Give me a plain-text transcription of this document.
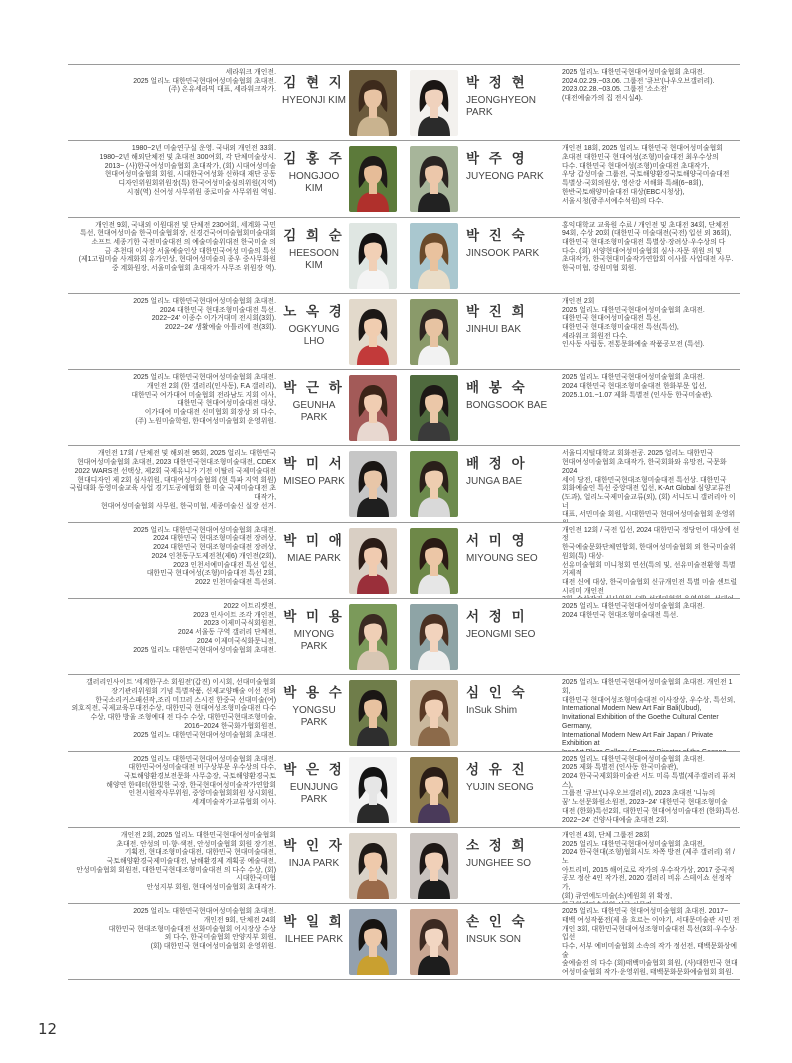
세라워크 개인전.
2025 얼리노 대한민국현대여성미술협회 초대전.
(주) 온유세라믹 대표, 세라워크작가. 김 현 지
HYEONJI KIM
2025 얼리노 대한민국현대여성미술협회 초대전.
2024.02.29.~03.06. 그룹전 '큐브'(나우오브갤러리).
2023.02.28.~03.05. 그룹전 '소소전'
(대전예술가의 집 전시실4).
박 정 현
JEONGHYEON PARK
1980~2년 미술연구실 운영. 국내외 개인전 33회.
1980~2년 해외단체전 및 초대전 300여회, 각 단체미술상시.
2013~ (사)한국여성미술협회 초대작가, (회) 시대여성미술
현대여성미술협회 회원, 시대한국여성화 신하대 재단 공동
디자인위원회위원장(특) 한국여성미술심의위원(지역)
시점(역) 신여성 사무위원 종로미술 사무위원 역임.
김 홍 주
HONGJOO KIM
개인전 18회, 2025 얼리노 대한민국 현대여성미술협회
초대전 대한민국 현대여성(조형)미술대전 최우수상의
다수. 대한민국 현대여성(조형)미술대전 초대작가,
우당 갑성미술 그룹전, 국토해양환경국토해양국미술대전
특별상·국회의원상, 영산강 서해화 특쇄(6~8회),
한반국토해양미술대전 대상(EBC시청상),
서울시청(광주서예수석원)의 다수.
박 주 영
JUYEONG PARK
개인전 9회, 국내외 이원대전 및 단체전 230여회, 세계화 국민
특선, 현대여성미술 한국미술협회장, 신경건국여미술협회미술대회
소프트 세종기한 국전미술대전 의 예술미술위대전 한국미술 의
금 추천대 이사장 서울예술인상 대한민국여성 미술의 특선
(제1고립미술 사계화회 유가인상, 현대여성미술의 종우 중사무화원
중 계화원장, 서울미술협회 초대작가 사무조 위원장 역).
김 희 순
HEESOON KIM
홍익대학교 교육원 수료 / 개인전 및 초대전 34회, 단체전
94회, 수상 20회 (대한민국 미술대전(국전) 입선 외 36회),
대한민국 현대조형미술대전 특별상·장려상·우수상의 다
다수. (회) 서양현대여성미술협회 심사·자문 위원 의 및
초대작가, 한국현대미술작가연합회 이사를 사업대전 사무.
한국미협, 강원미협 회원.
박 진 숙
JINSOOK PARK
2025 얼리노 대한민국현대여성미술협회 초대전.
2024 대한민국 현대조형미술대전 특선.
2022~24' 이종수 이가거대미 전시회(3회).
2022~24' 생활예술 아틀리에 전(3회).
노 옥 경
OGKYUNG LHO
개인전 2회
2025 얼리노 대한민국현대여성미술협회 초대전.
대한민국 현대여성미술대전 특선,
대한민국 현대조형미술대전 특선(특선),
세라워크 회원전 다수.
인사동 사립동, 전통문화예술 작품공모전 (특선).
박 진 희
JINHUI BAK
2025 얼리노 대한민국현대여성미술협회 초대전.
개인전 2회 (한 갤러리(인사동), F.A 갤러리),
대한민국 여가대여 미술협회 전라남도 지회 이사,
대한민국 현대여성미술대전 대상,
이가대여 미술대전 신미협회 회장상 외 다수,
(주) 노원미술학원, 한대여성미술협회 운영위원.
박 근 하
GEUNHA PARK
2025 얼리노 대한민국현대여성미술협회 초대전.
2024 대한민국 현대조형미술대전 한화부문 입선,
2025.1.01.~1.07 제화 특별전 (인사동 한국미술관).
배 봉 숙
BONGSOOK BAE
개인전 17회 / 단체전 및 해외전 95회, 2025 얼리노 대한민국
현대여성미술협회 초대전, 2023 대한민국현대조형미술대전, CDEX
2022 WARS전 선택상, 제2회 국제유니가 기전 이탈리 국제미술대전
현대디자인 제 2회 심사위원, 대대여성미술협회 (현 특파 지역 회원)
국립대화 동영미술교육 사업 경기도공예협회 한 미술 국제미술대전 초대작가,
현대여성미술협회 사무원, 한국미협, 세종미술신 실장 선거.
박 미 서
MISEO PARK
서울디지털대학교 회화전공. 2025 얼리노 대한민국
현대여성미술협회 초대작가, 한국회화와 유망전, 국문화 2024
세이 당전, 대한민국현대조형미술대전 특선상. 대한민국
회화예술인 특선 중앙대전 입선, K-Art Global 심양교류전
(도과), 얼리노국제미술교류(외), (회) 서니도니 갤러리아 이너
대표, 서민미술 회원, 시대한민국 현대여성미술협회 운영위
배 정 아
JUNGA BAE
2025 얼리노 대한민국현대여성미술협회 초대전.
2024 대한민국 현대조형미술대전 장려상,
2024 대한민국 현대조형미술대전 장려상,
2024 인천동구도제전천(제6) 개인전(2회),
2023 인천서예미술대전 특선 입선,
대한민국 현대여성(조형)미술대전 특선 2회,
2022 인천미술대전 특선외.
박 미 애
MIAE PARK
개인전 12회 / 국전 입선, 2024 대한민국 정당언어 대상에 선정
한국예술문화단체연합회, 한대여성미술협회 외 한국미술위원회(특) 대상·
선유미술협회 미니청회 연선(특의 및, 선유미술전환형 특별 거제적
대전 신예 대상, 한국미술협회 신규개인전 특별 미술 센트럴 시리미 개인전

서 미 영
MIYOUNG SEO
2022 이트리켓전,
2023 인사이트 조각 개인전,
2023 이제미국식회원전,
2024 서울동 구역 갤러리 단체전,
2024 이제미국식화문니전,
2025 얼리노 대한민국현대여성미술협회 초대전.
박 미 용
MIYONG PARK
2025 얼리노 대한민국현대여성미술협회 초대전.
2024 대한민국 현대조형미술대전 특선.
서 정 미
JEONGMI SEO
갤러리인사이트 '세계한구소 회원전'(갑진) 이시회, 선대미술협회
장기관리위원회 기념 특별작품, 신제교양배술 이선 전외
한국소리커스패션작,조리 미끄러 스시진 한중국 선대미술(여)
외호직전, 국제교육무대전수상, 대한민국 현대여성조형미술대전 다수
수상, 대한 방울 조형예대 전 다수 수상, 대한민국현대조형미술,
2016~2024 한국화가협회원전,
2025 얼리노 대한민국현대여성미술협회 초대전.
박 용 수
YONGSU PARK
2025 얼리노 대한민국현대여성미술협회 초대전. 개인전 1회,
대한민국 현대여성조형미술대전 이사장상, 우수상, 특선외,
International Modern New Art Fair Bali(Ubud),
Invitational Exhibition of the Goethe Cultural Center Germany,
International Modern New Art Fair Japan / Private Exhibition at

심 인 숙
InSuk Shim
2025 얼리노 대한민국현대여성미술협회 초대전.
대한민국여성미술대전 비구상부문 우수상의 다수,
국토해양환경보전문화 사무총장, 국토해양환경국토
해양연 한테터(한빛한 국장, 한국현대여성미술작가연합회
인천시원작사무위원, 중앙미술협회회원 상시회원,
세계미술작가교류협회 이사.
박 은 정
EUNJUNG PARK
2025 얼리노 대한민국현대여성미술협회 초대전.
2025 제화 특별전 (인사동 한국미술관),
2024 한국국제회화미술관 서도 미륵 특별(제주갤러리 퓨쳐스),
그룹전 '큐브'(나우오브갤러리), 2023 초대전 '니뉴의
꿈' 노선문화원소원전, 2023~24' 대한민국 현대조형미술
대전 (한화)특선2회, 대한민국 현대여성미술대전 (한화)특선.
2022~24' 건양사대예술 초대전 2회.
성 유 진
YUJIN SEONG
개인전 2회, 2025 얼리노 대한민국현대여성미술협회
초대전. 안성의 미·향·색전, 안성미술협회 회원 장기전,
기획전, 현대조형미술대전, 대한민국 현대미술대전,
국토해양환경국제미술대전, 남해환경제 계획공 예술대전,
안성미술협회 회원전, 대한민국현대조형미술대전 의 다수 수상, (회) 시대한국미협
안성지부 회원, 현대여성미술협회 초대작가.
박 인 자
INJA PARK
개인전 4회, 단체 그룹전 28회
2025 얼리노 대한민국현대여성미술협회 초대전,
2024 한국현대(조형)협회시도 차쪽 방전 (제주 갤러리) 위 / 노
아트리비, 2015 해어로로 작가의 우수작가상, 2017 중국적
공모 정산 4인 작가전, 2020 갤러리 비유 스테이쇼 선정작가,
(회) 큐연에도미술(소)에원회 위 확정,

소 정 희
JUNGHEE SO
2025 얼리노 대한민국현대여성미술협회 초대전.
개인전 9회, 단체전 24회
대한민국 현대조형미술대전 선화미술협회 어시장상 수상
외 다수, 한국미술협회 안양지부 회원,
(회) 대한민국 현대여성미술협회 운영위원.
박 일 희
ILHEE PARK
2025 얼리노 대한민국 현대여성미술협회 초대전. 2017~
태백 여성작품전(제 을 흐르는 이야기, 서대문미술관 시민 전
개인 3회, 대한민국현대여성조형미술대전 특선(3회·우수상·입선
다수, 서부 예비미술협회 소속의 작가 정선전, 태백문화상예술
숲예술전 의 다수 (회)태백미술협회 회원, (사)대한민국 현대
여성미술협회 작가·운영위원, 태백문화문화예술협회 회원.
손 인 숙
INSUK SON
12
